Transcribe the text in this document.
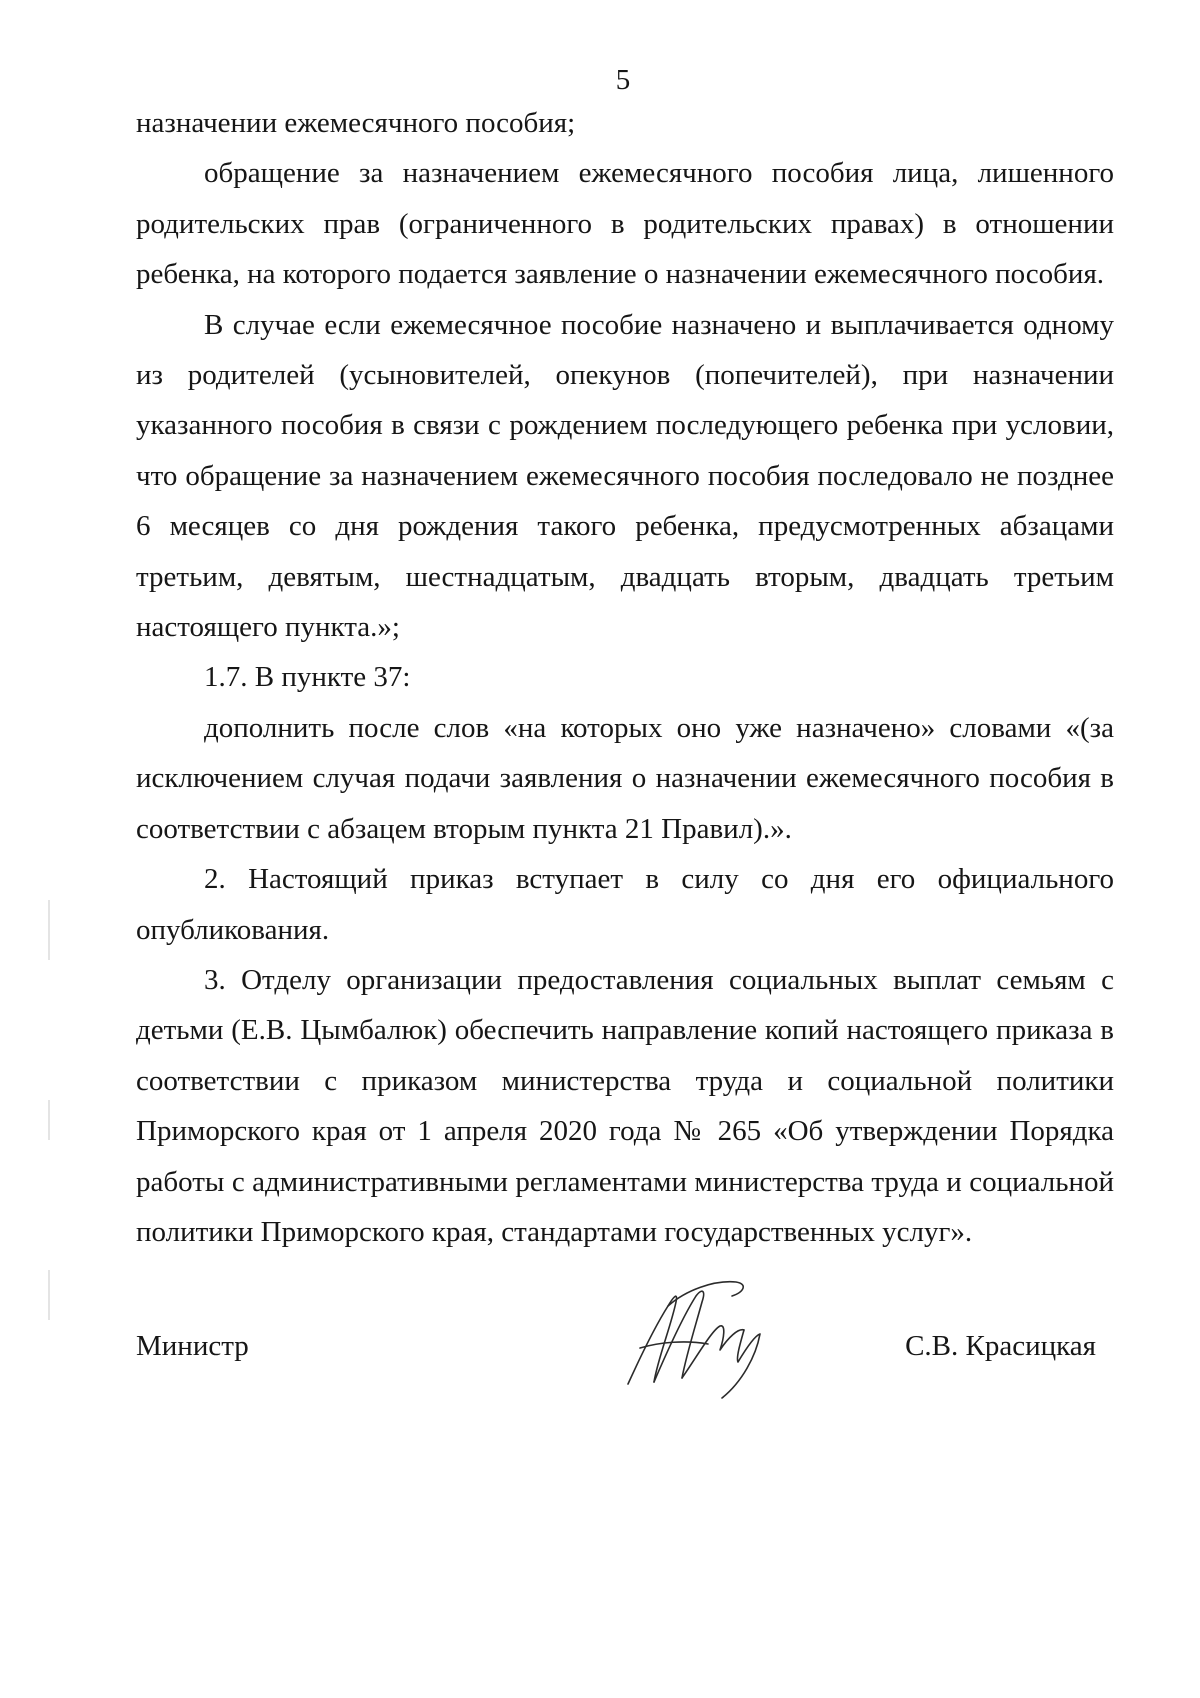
5

назначении ежемесячного пособия;

обращение за назначением ежемесячного пособия лица, лишенного родительских прав (ограниченного в родительских правах) в отношении ребенка, на которого подается заявление о назначении ежемесячного пособия.

В случае если ежемесячное пособие назначено и выплачивается одному из родителей (усыновителей, опекунов (попечителей), при назначении указанного пособия в связи с рождением последующего ребенка при условии, что обращение за назначением ежемесячного пособия последовало не позднее 6 месяцев со дня рождения такого ребенка, предусмотренных абзацами третьим, девятым, шестнадцатым, двадцать вторым, двадцать третьим настоящего пункта.»;

1.7. В пункте 37:

дополнить после слов «на которых оно уже назначено» словами «(за исключением случая подачи заявления о назначении ежемесячного пособия в соответствии с абзацем вторым пункта 21 Правил).».

2. Настоящий приказ вступает в силу со дня его официального опубликования.

3. Отделу организации предоставления социальных выплат семьям с детьми (Е.В. Цымбалюк) обеспечить направление копий настоящего приказа в соответствии с приказом министерства труда и социальной политики Приморского края от 1 апреля 2020 года № 265 «Об утверждении Порядка работы с административными регламентами министерства труда и социальной политики Приморского края, стандартами государственных услуг».

Министр	С.В. Красицкая
